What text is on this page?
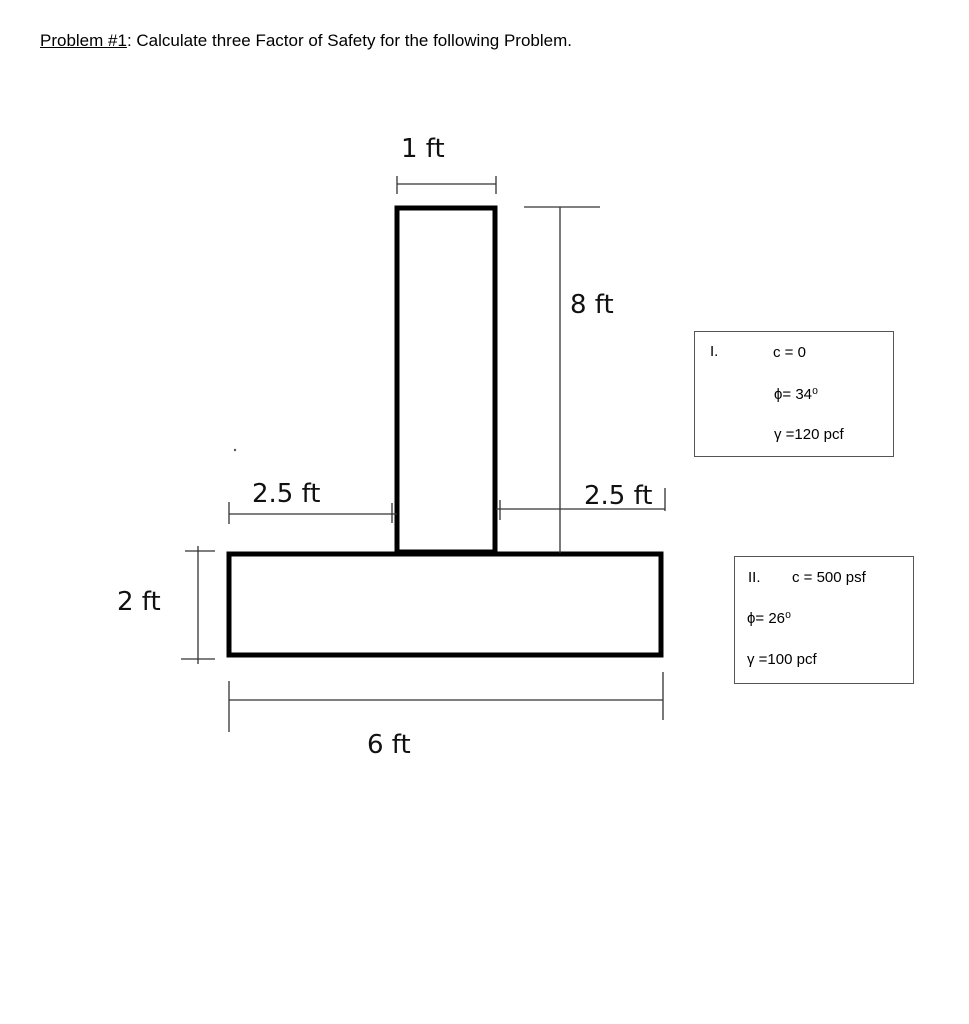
Problem #1: Calculate three Factor of Safety for the following Problem.
1 ft
8 ft
2.5 ft	2.5 ft
2 ft
6 ft
I.	c = 0
ϕ= 34⁰
γ =120 pcf
II. c = 500 psf
ϕ= 26⁰
γ =100 pcf
